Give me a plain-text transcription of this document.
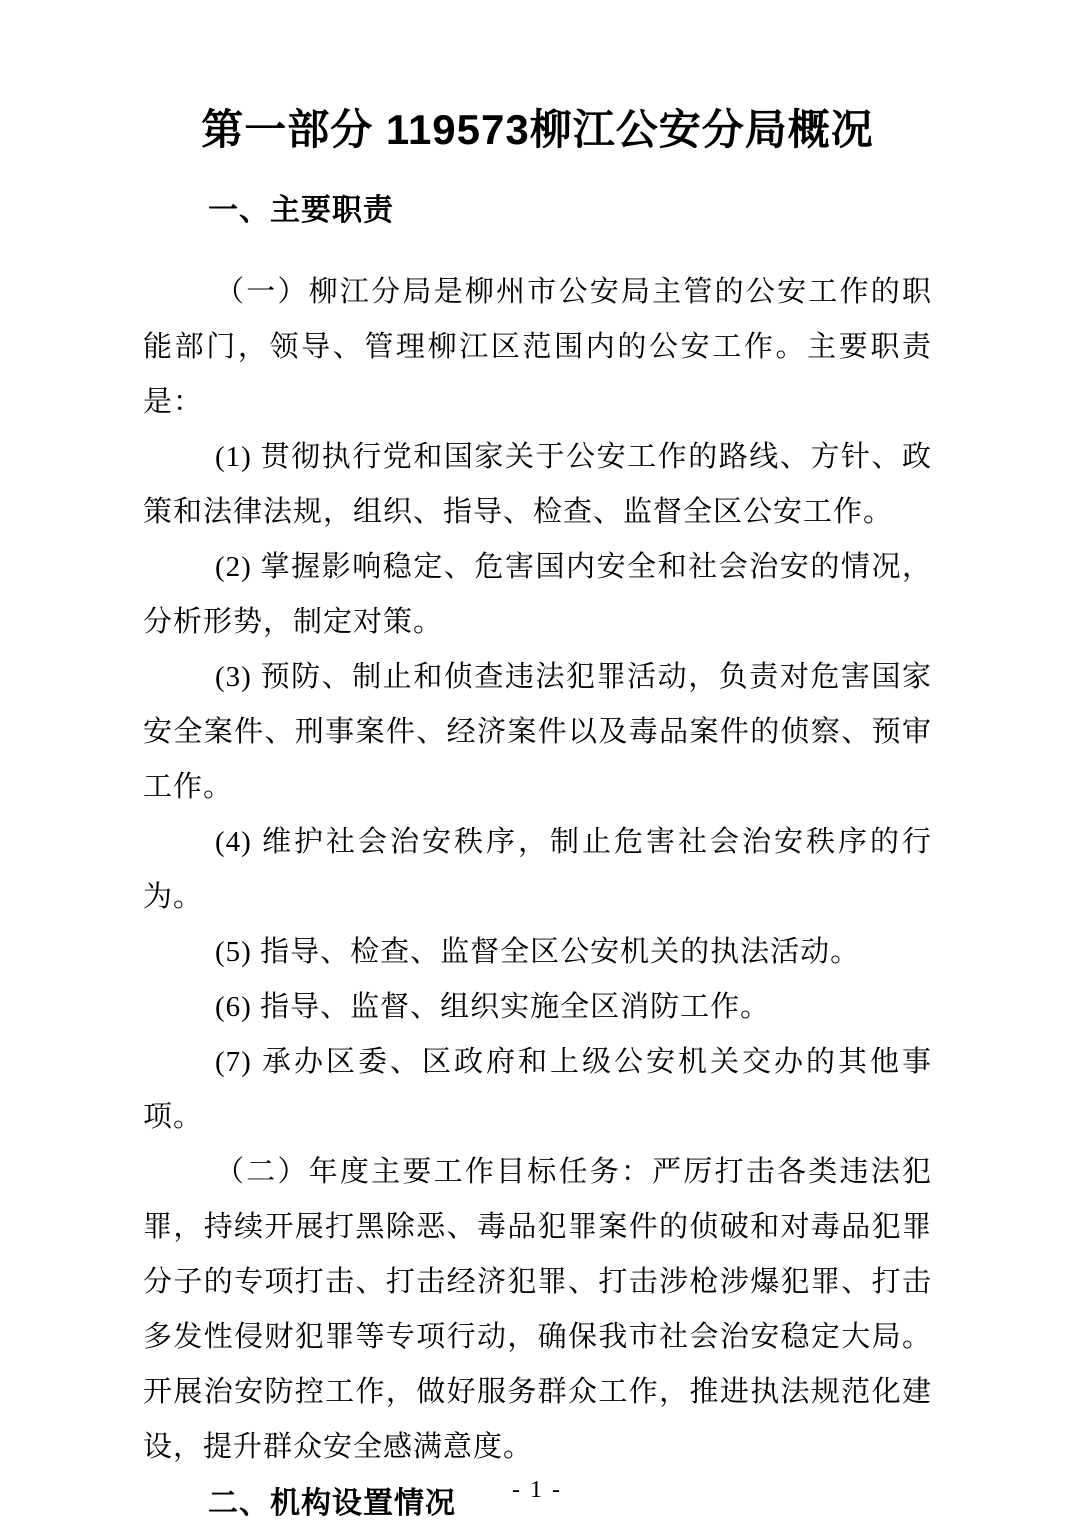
第一部分 119573柳江公安分局概况
一、主要职责

（一）柳江分局是柳州市公安局主管的公安工作的职能部门，领导、管理柳江区范围内的公安工作。主要职责是：

(1) 贯彻执行党和国家关于公安工作的路线、方针、政策和法律法规，组织、指导、检查、监督全区公安工作。

(2) 掌握影响稳定、危害国内安全和社会治安的情况，分析形势，制定对策。

(3) 预防、制止和侦查违法犯罪活动，负责对危害国家安全案件、刑事案件、经济案件以及毒品案件的侦察、预审工作。

(4) 维护社会治安秩序，制止危害社会治安秩序的行为。

(5) 指导、检查、监督全区公安机关的执法活动。

(6) 指导、监督、组织实施全区消防工作。

(7) 承办区委、区政府和上级公安机关交办的其他事项。

（二）年度主要工作目标任务：严厉打击各类违法犯罪，持续开展打黑除恶、毒品犯罪案件的侦破和对毒品犯罪分子的专项打击、打击经济犯罪、打击涉枪涉爆犯罪、打击多发性侵财犯罪等专项行动，确保我市社会治安稳定大局。开展治安防控工作，做好服务群众工作，推进执法规范化建设，提升群众安全感满意度。

二、机构设置情况	- 1 -
